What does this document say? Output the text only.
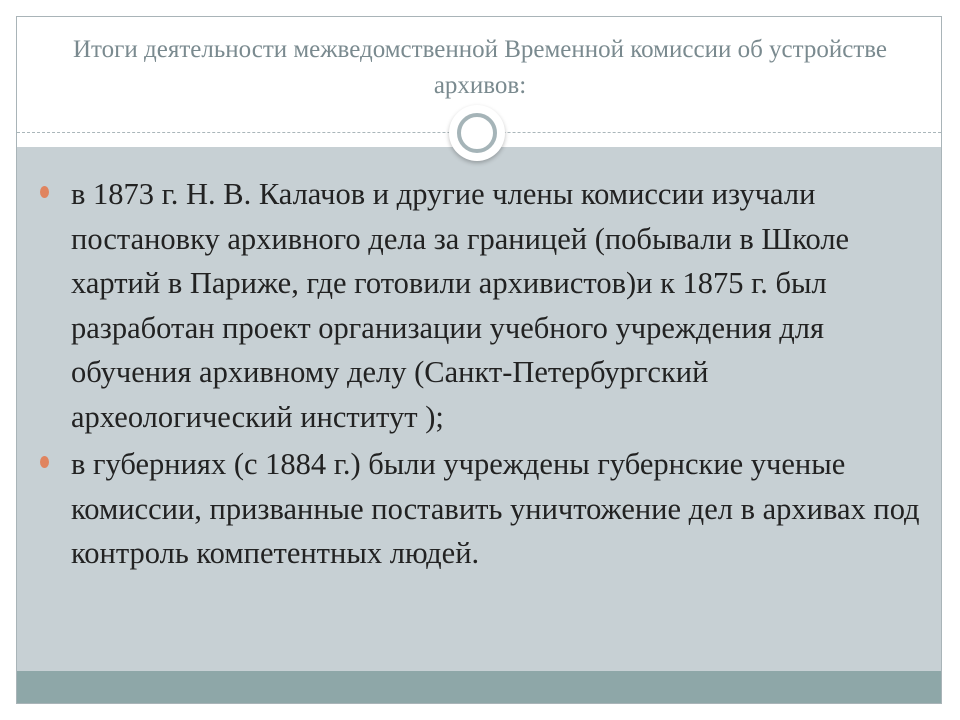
Итоги деятельности межведомственной Временной комиссии об устройстве архивов:
в 1873 г. Н. В. Калачов и другие члены комиссии изучали постановку архивного дела за границей (побывали в Школе хартий в Париже, где готовили архивистов)и к 1875 г. был разработан проект организации учебного учреждения для обучения архивному делу (Санкт-Петербургский археологический институт );
в губерниях (с 1884 г.) были учреждены губернские ученые комиссии, призванные поставить уничтожение дел в архивах под контроль компетентных людей.
